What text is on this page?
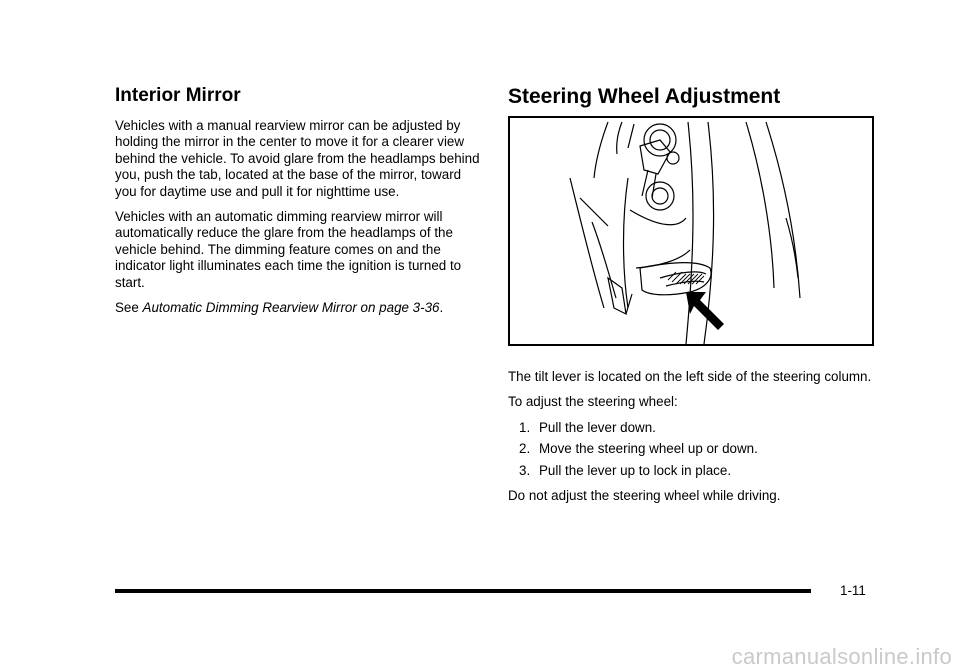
Interior Mirror

Vehicles with a manual rearview mirror can be adjusted by holding the mirror in the center to move it for a clearer view behind the vehicle. To avoid glare from the headlamps behind you, push the tab, located at the base of the mirror, toward you for daytime use and pull it for nighttime use.

Vehicles with an automatic dimming rearview mirror will automatically reduce the glare from the headlamps of the vehicle behind. The dimming feature comes on and the indicator light illuminates each time the ignition is turned to start.

See Automatic Dimming Rearview Mirror on page 3-36.

Steering Wheel Adjustment

The tilt lever is located on the left side of the steering column.

To adjust the steering wheel:

1. Pull the lever down.
2. Move the steering wheel up or down.
3. Pull the lever up to lock in place.

Do not adjust the steering wheel while driving.

1-11
carmanualsonline.info
